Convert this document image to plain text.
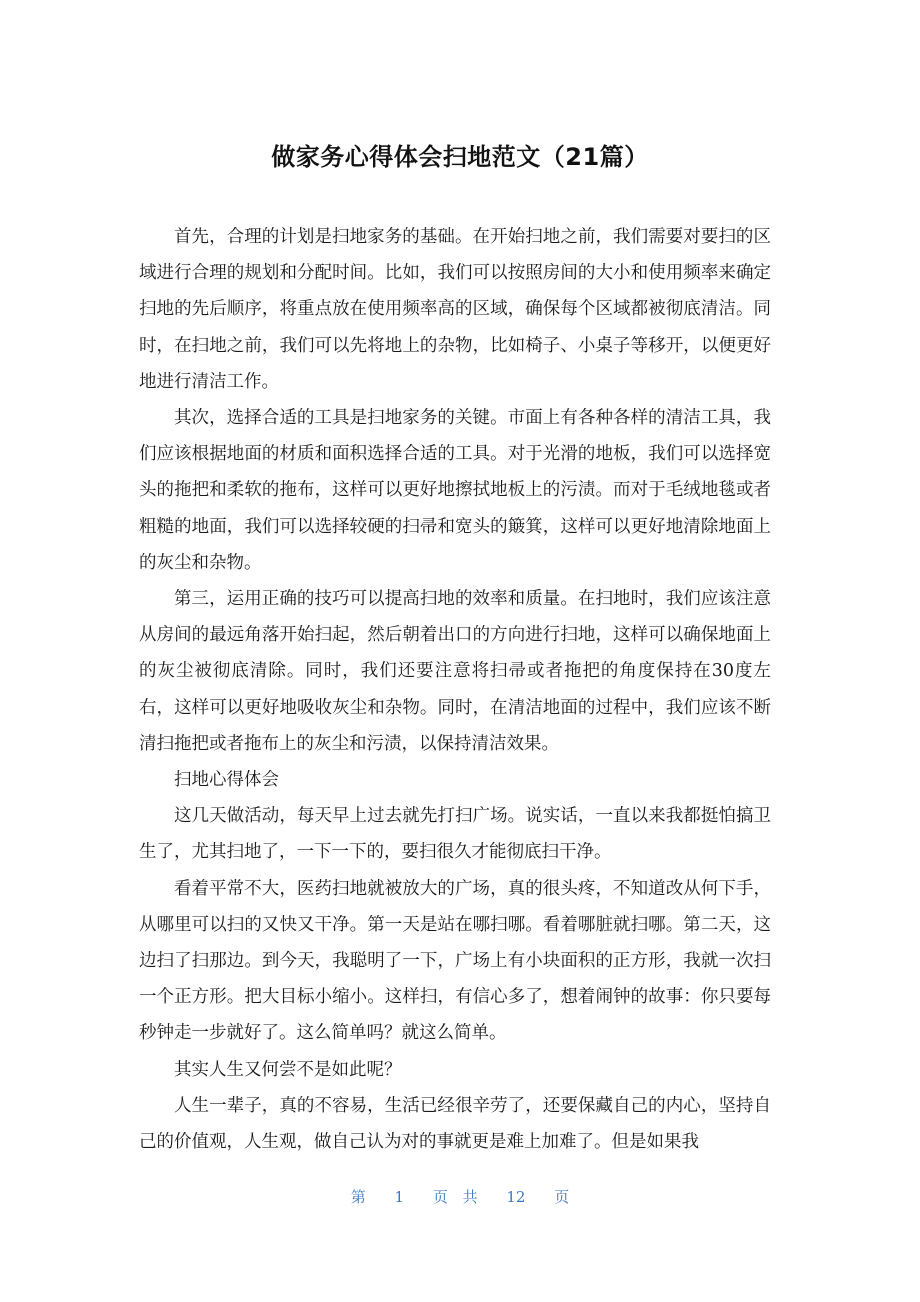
做家务心得体会扫地范文（21篇）

首先，合理的计划是扫地家务的基础。在开始扫地之前，我们需要对要扫的区域进行合理的规划和分配时间。比如，我们可以按照房间的大小和使用频率来确定扫地的先后顺序，将重点放在使用频率高的区域，确保每个区域都被彻底清洁。同时，在扫地之前，我们可以先将地上的杂物，比如椅子、小桌子等移开，以便更好地进行清洁工作。

其次，选择合适的工具是扫地家务的关键。市面上有各种各样的清洁工具，我们应该根据地面的材质和面积选择合适的工具。对于光滑的地板，我们可以选择宽头的拖把和柔软的拖布，这样可以更好地擦拭地板上的污渍。而对于毛绒地毯或者粗糙的地面，我们可以选择较硬的扫帚和宽头的簸箕，这样可以更好地清除地面上的灰尘和杂物。

第三，运用正确的技巧可以提高扫地的效率和质量。在扫地时，我们应该注意从房间的最远角落开始扫起，然后朝着出口的方向进行扫地，这样可以确保地面上的灰尘被彻底清除。同时，我们还要注意将扫帚或者拖把的角度保持在30度左右，这样可以更好地吸收灰尘和杂物。同时，在清洁地面的过程中，我们应该不断清扫拖把或者拖布上的灰尘和污渍，以保持清洁效果。

扫地心得体会

这几天做活动，每天早上过去就先打扫广场。说实话，一直以来我都挺怕搞卫生了，尤其扫地了，一下一下的，要扫很久才能彻底扫干净。

看着平常不大，医药扫地就被放大的广场，真的很头疼，不知道改从何下手，从哪里可以扫的又快又干净。第一天是站在哪扫哪。看着哪脏就扫哪。第二天，这边扫了扫那边。到今天，我聪明了一下，广场上有小块面积的正方形，我就一次扫一个正方形。把大目标小缩小。这样扫，有信心多了，想着闹钟的故事：你只要每秒钟走一步就好了。这么简单吗？就这么简单。

其实人生又何尝不是如此呢？

人生一辈子，真的不容易，生活已经很辛劳了，还要保藏自己的内心，坚持自己的价值观，人生观，做自己认为对的事就更是难上加难了。但是如果我

第 1 页 共 12 页
